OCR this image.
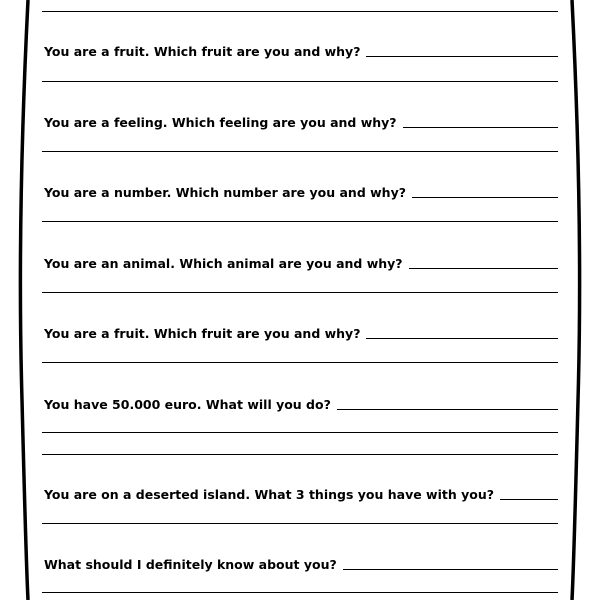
You are a fruit. Which fruit are you and why?
You are a feeling. Which feeling are you and why?
You are a number. Which number are you and why?
You are an animal. Which animal are you and why?
You are a fruit. Which fruit are you and why?
You have 50.000 euro. What will you do?
You are on a deserted island. What 3 things you have with you?
What should I definitely know about you?
